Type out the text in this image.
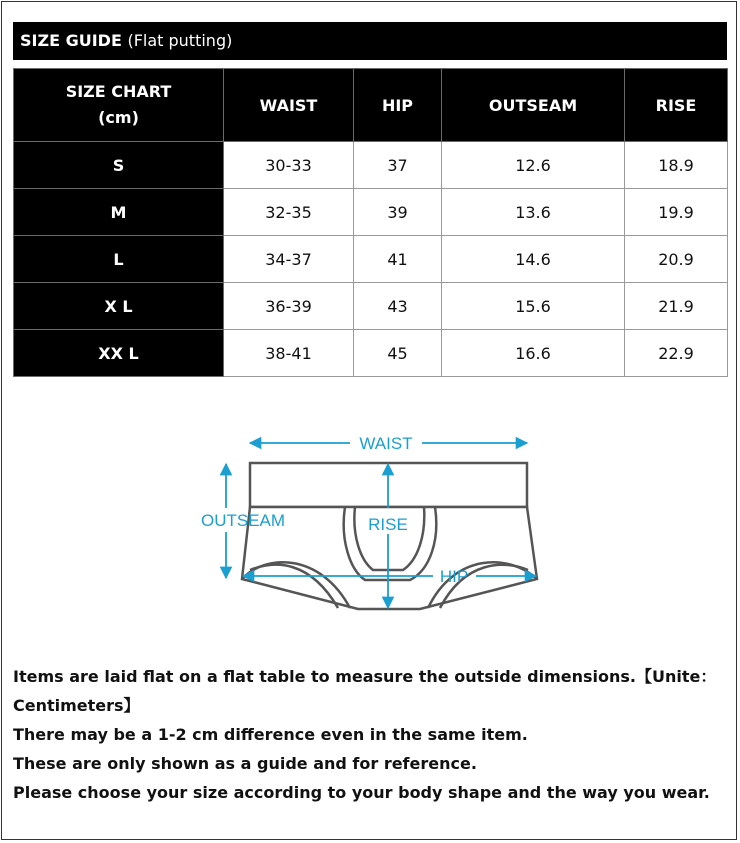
SIZE GUIDE (Flat putting)
SIZE CHART
(cm)	WAIST	HIP	OUTSEAM	RISE
S	30-33	37	12.6	18.9
M	32-35	39	13.6	19.9
L	34-37	41	14.6	20.9
X L	36-39	43	15.6	21.9
XX L	38-41	45	16.6	22.9
WAIST
OUTSEAM	RISE
HIP

Items are laid flat on a flat table to measure the outside dimensions.【Unite： Centimeters】

There may be a 1-2 cm difference even in the same item.

These are only shown as a guide and for reference.

Please choose your size according to your body shape and the way you wear.
